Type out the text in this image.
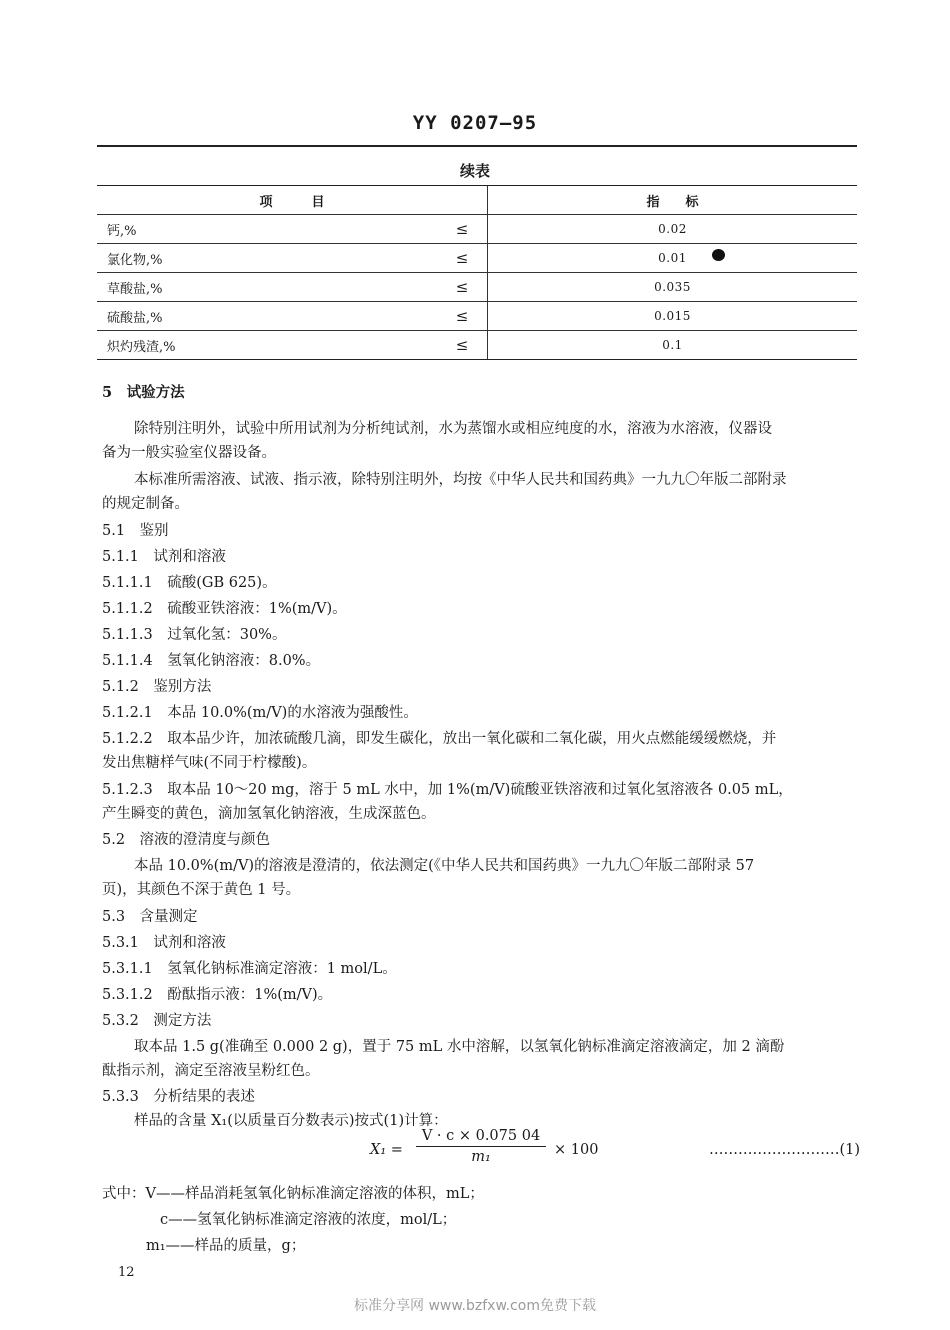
YY 0207—95
续表
项　　　目		指　　标
钙,%	≤	0.02
氯化物,%	≤	0.01
草酸盐,%	≤	0.035
硫酸盐,%	≤	0.015
炽灼残渣,%	≤	0.1
5　试验方法
除特别注明外，试验中所用试剂为分析纯试剂，水为蒸馏水或相应纯度的水，溶液为水溶液，仪器设
备为一般实验室仪器设备。
本标准所需溶液、试液、指示液，除特别注明外，均按《中华人民共和国药典》一九九〇年版二部附录
的规定制备。
5.1　鉴别
5.1.1　试剂和溶液
5.1.1.1　硫酸(GB 625)。
5.1.1.2　硫酸亚铁溶液：1%(m/V)。
5.1.1.3　过氧化氢：30%。
5.1.1.4　氢氧化钠溶液：8.0%。
5.1.2　鉴别方法
5.1.2.1　本品 10.0%(m/V)的水溶液为强酸性。
5.1.2.2　取本品少许，加浓硫酸几滴，即发生碳化，放出一氧化碳和二氧化碳，用火点燃能缓缓燃烧，并
发出焦糖样气味(不同于柠檬酸)。
5.1.2.3　取本品 10～20 mg，溶于 5 mL 水中，加 1%(m/V)硫酸亚铁溶液和过氧化氢溶液各 0.05 mL，
产生瞬变的黄色，滴加氢氧化钠溶液，生成深蓝色。
5.2　溶液的澄清度与颜色
本品 10.0%(m/V)的溶液是澄清的，依法测定(《中华人民共和国药典》一九九〇年版二部附录 57
页)，其颜色不深于黄色 1 号。
5.3　含量测定
5.3.1　试剂和溶液
5.3.1.1　氢氧化钠标准滴定溶液：1 mol/L。
5.3.1.2　酚酞指示液：1%(m/V)。
5.3.2　测定方法
取本品 1.5 g(准确至 0.000 2 g)，置于 75 mL 水中溶解，以氢氧化钠标准滴定溶液滴定，加 2 滴酚
酞指示剂，滴定至溶液呈粉红色。
5.3.3　分析结果的表述
样品的含量 X₁(以质量百分数表示)按式(1)计算：
$X_1 = \frac{V \cdot c \times 0.075 04}{\text{m₁}} \times 100$	………………………(1)
式中：V——样品消耗氢氧化钠标准滴定溶液的体积，mL；
c——氢氧化钠标准滴定溶液的浓度，mol/L；
m₁——样品的质量，g；
12
标准分享网 www.bzfxw.com免费下载
